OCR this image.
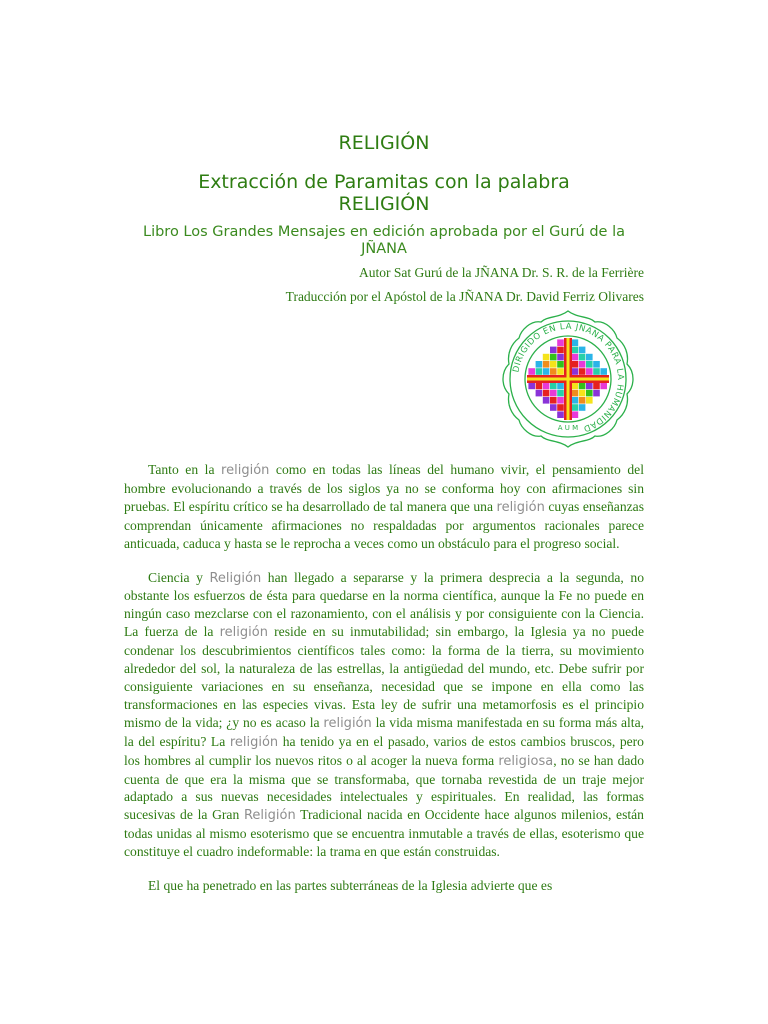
RELIGIÓN
Extracción de Paramitas con la palabra
RELIGIÓN
Libro Los Grandes Mensajes en edición aprobada por el Gurú de la
JÑANA
Autor Sat Gurú de la JÑANA Dr. S. R. de la Ferrière
Traducción por el Apóstol de la JÑANA Dr. David Ferriz Olivares
DIRIGIDO EN LA JÑANA PARA LA HUMANIDAD
A U M

Tanto en la religión como en todas las líneas del humano vivir, el pensamiento del hombre evolucionando a través de los siglos ya no se conforma hoy con afirmaciones sin pruebas. El espíritu crítico se ha desarrollado de tal manera que una religión cuyas enseñanzas comprendan únicamente afirmaciones no respaldadas por argumentos racionales parece anticuada, caduca y hasta se le reprocha a veces como un obstáculo para el progreso social.

Ciencia y Religión han llegado a separarse y la primera desprecia a la segunda, no obstante los esfuerzos de ésta para quedarse en la norma científica, aunque la Fe no puede en ningún caso mezclarse con el razonamiento, con el análisis y por consiguiente con la Ciencia. La fuerza de la religión reside en su inmutabilidad; sin embargo, la Iglesia ya no puede condenar los descubrimientos científicos tales como: la forma de la tierra, su movimiento alrededor del sol, la naturaleza de las estrellas, la antigüedad del mundo, etc. Debe sufrir por consiguiente variaciones en su enseñanza, necesidad que se impone en ella como las transformaciones en las especies vivas. Esta ley de sufrir una metamorfosis es el principio mismo de la vida; ¿y no es acaso la religión la vida misma manifestada en su forma más alta, la del espíritu? La religión ha tenido ya en el pasado, varios de estos cambios bruscos, pero los hombres al cumplir los nuevos ritos o al acoger la nueva forma religiosa, no se han dado cuenta de que era la misma que se transformaba, que tornaba revestida de un traje mejor adaptado a sus nuevas necesidades intelectuales y espirituales. En realidad, las formas sucesivas de la Gran Religión Tradicional nacida en Occidente hace algunos milenios, están todas unidas al mismo esoterismo que se encuentra inmutable a través de ellas, esoterismo que constituye el cuadro indeformable: la trama en que están construidas.

El que ha penetrado en las partes subterráneas de la Iglesia advierte que es
